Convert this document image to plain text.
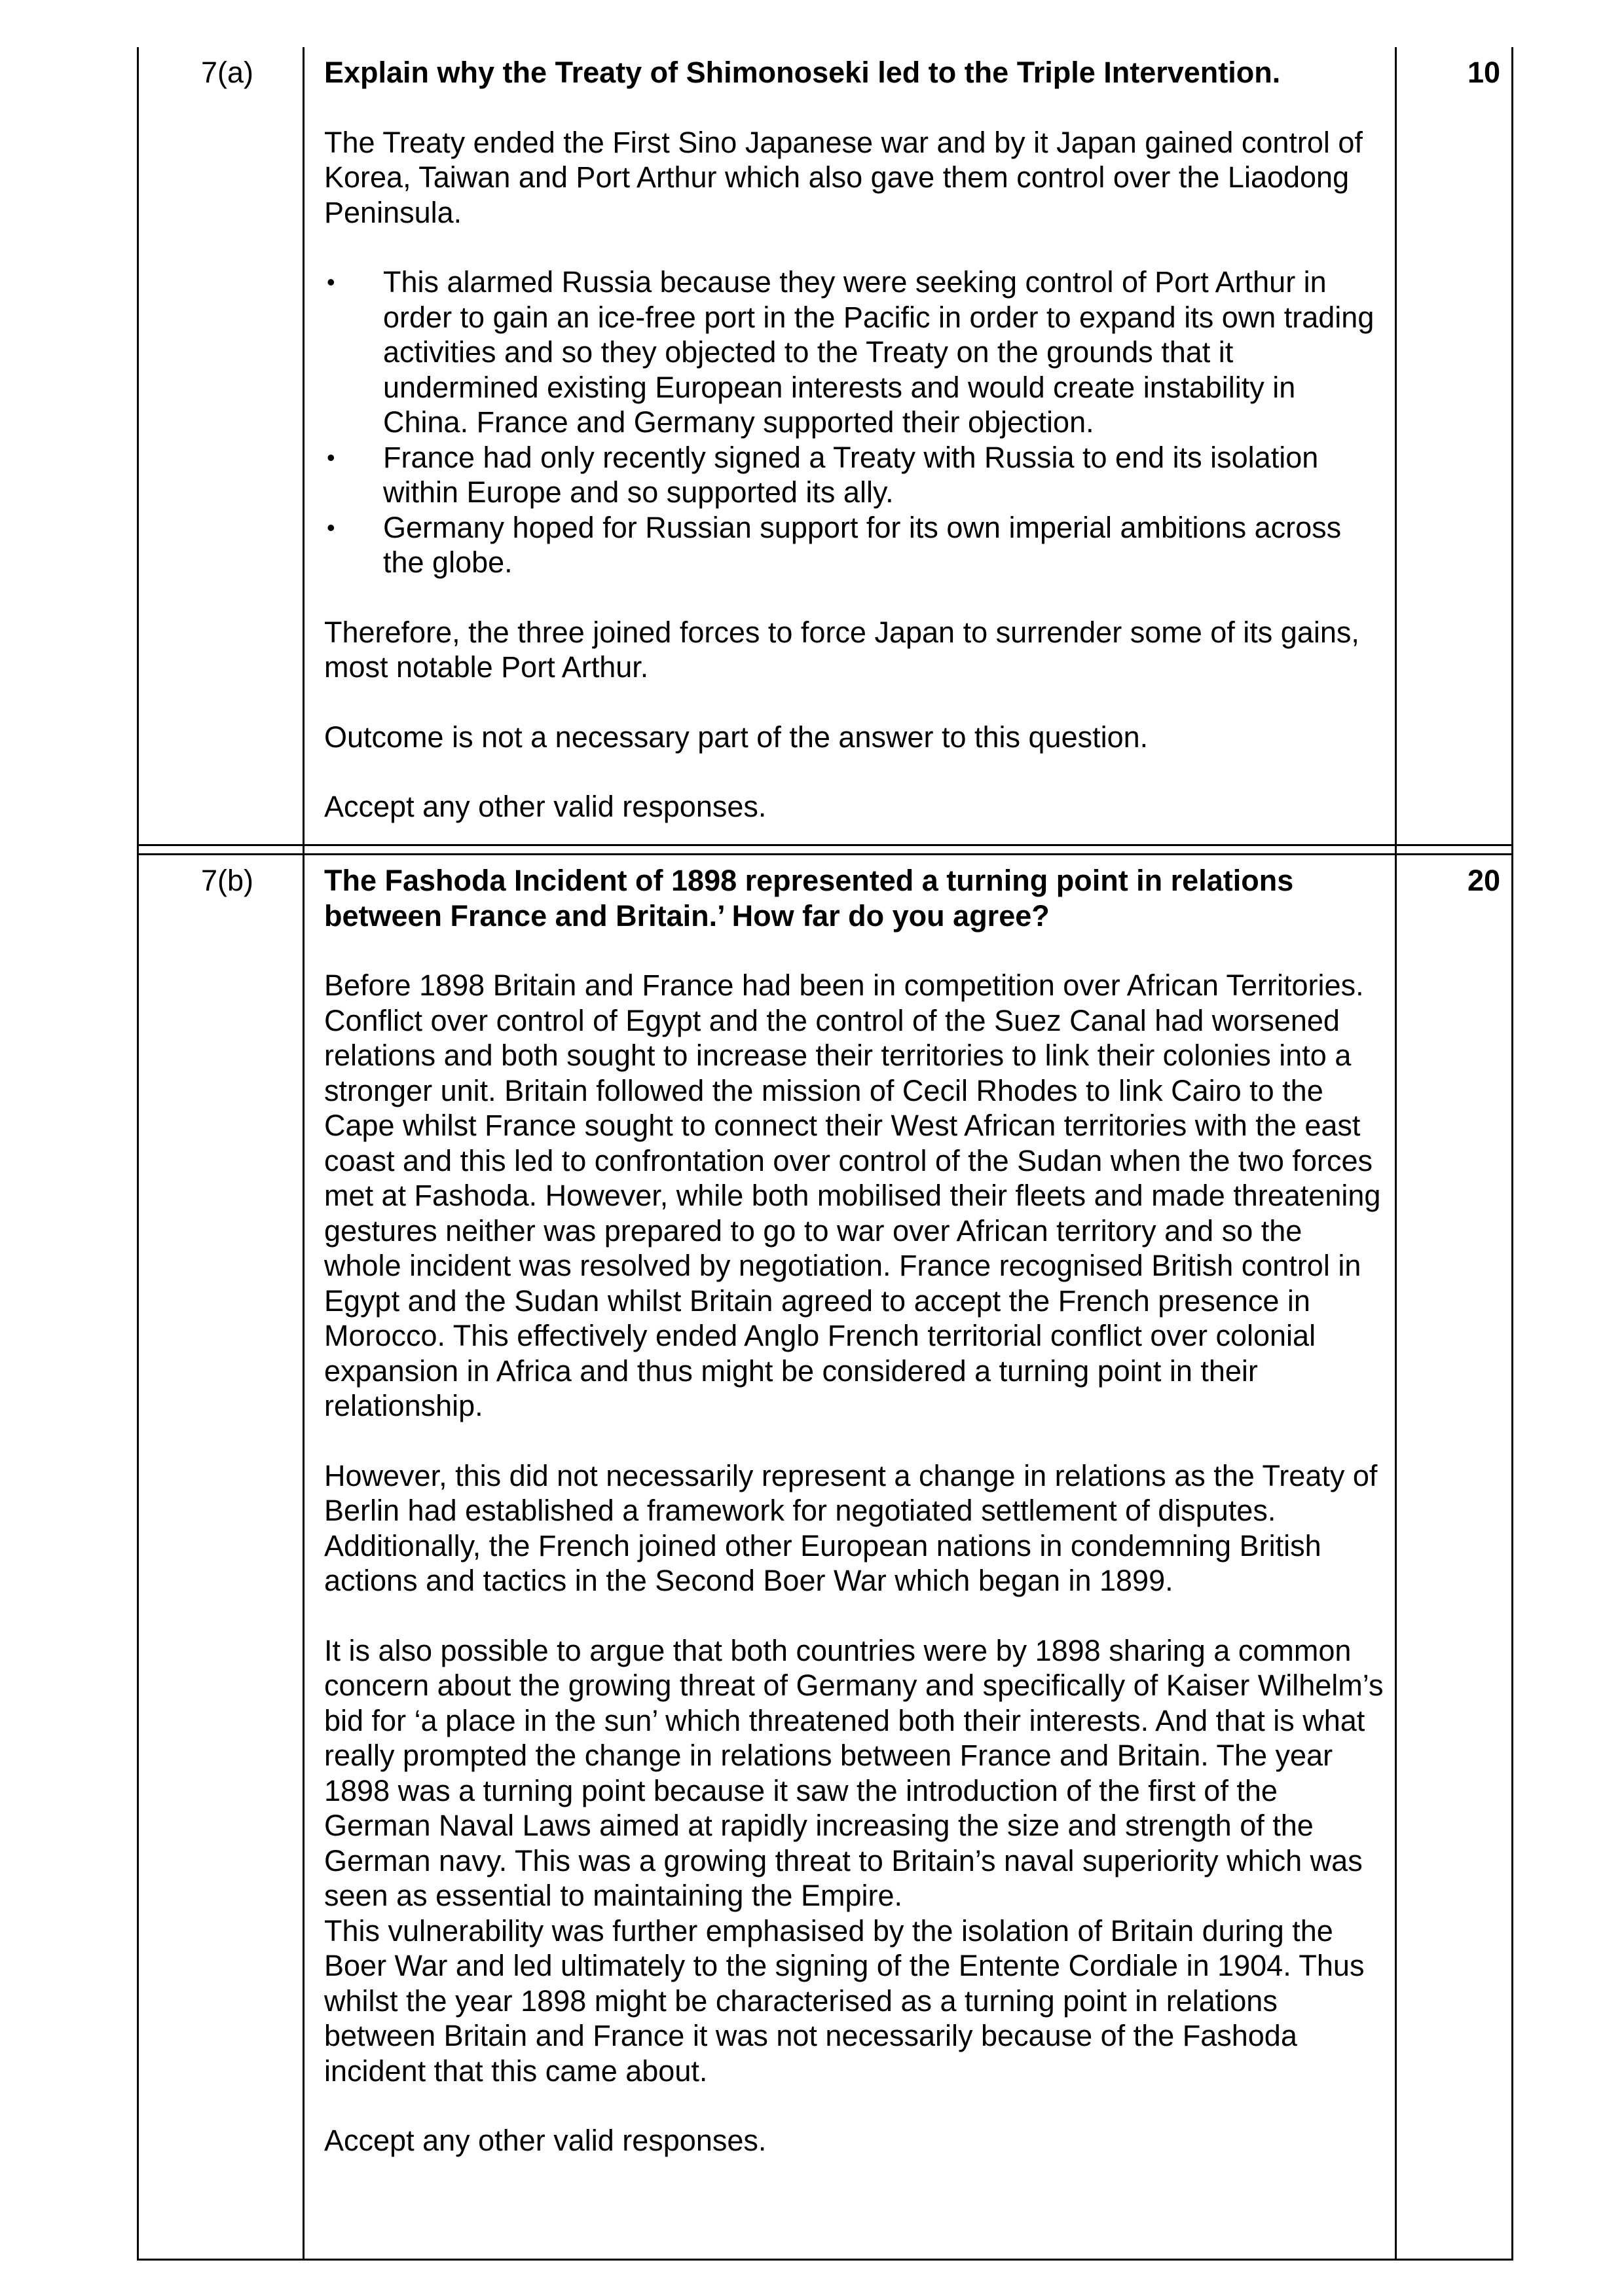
7(a)	Explain why the Treaty of Shimonoseki led to the Triple Intervention.

The Treaty ended the First Sino Japanese war and by it Japan gained control of Korea, Taiwan and Port Arthur which also gave them control over the Liaodong Peninsula.

• This alarmed Russia because they were seeking control of Port Arthur in order to gain an ice-free port in the Pacific in order to expand its own trading activities and so they objected to the Treaty on the grounds that it undermined existing European interests and would create instability in China. France and Germany supported their objection.
• France had only recently signed a Treaty with Russia to end its isolation within Europe and so supported its ally.
• Germany hoped for Russian support for its own imperial ambitions across the globe.

Therefore, the three joined forces to force Japan to surrender some of its gains, most notable Port Arthur.

Outcome is not a necessary part of the answer to this question.

Accept any other valid responses.

10
7(b)	The Fashoda Incident of 1898 represented a turning point in relations between France and Britain.’ How far do you agree?

Before 1898 Britain and France had been in competition over African Territories. Conflict over control of Egypt and the control of the Suez Canal had worsened relations and both sought to increase their territories to link their colonies into a stronger unit. Britain followed the mission of Cecil Rhodes to link Cairo to the Cape whilst France sought to connect their West African territories with the east coast and this led to confrontation over control of the Sudan when the two forces met at Fashoda. However, while both mobilised their fleets and made threatening gestures neither was prepared to go to war over African territory and so the whole incident was resolved by negotiation. France recognised British control in Egypt and the Sudan whilst Britain agreed to accept the French presence in Morocco. This effectively ended Anglo French territorial conflict over colonial expansion in Africa and thus might be considered a turning point in their relationship.

However, this did not necessarily represent a change in relations as the Treaty of Berlin had established a framework for negotiated settlement of disputes.

Additionally, the French joined other European nations in condemning British actions and tactics in the Second Boer War which began in 1899.

It is also possible to argue that both countries were by 1898 sharing a common concern about the growing threat of Germany and specifically of Kaiser Wilhelm’s bid for ‘a place in the sun’ which threatened both their interests. And that is what really prompted the change in relations between France and Britain. The year 1898 was a turning point because it saw the introduction of the first of the German Naval Laws aimed at rapidly increasing the size and strength of the German navy. This was a growing threat to Britain’s naval superiority which was seen as essential to maintaining the Empire.

This vulnerability was further emphasised by the isolation of Britain during the Boer War and led ultimately to the signing of the Entente Cordiale in 1904. Thus whilst the year 1898 might be characterised as a turning point in relations between Britain and France it was not necessarily because of the Fashoda incident that this came about.

Accept any other valid responses.

20
